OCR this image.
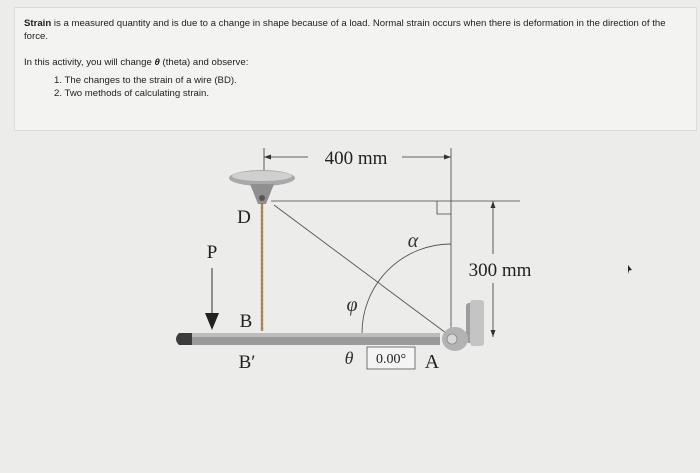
Strain is a measured quantity and is due to a change in shape because of a load. Normal strain occurs when there is deformation in the direction of the force.

In this activity, you will change θ (theta) and observe:

1. The changes to the strain of a wire (BD).
2. Two methods of calculating strain.
400 mm
300 mm
D
P
B
B′
α
φ
θ 0.00° A
